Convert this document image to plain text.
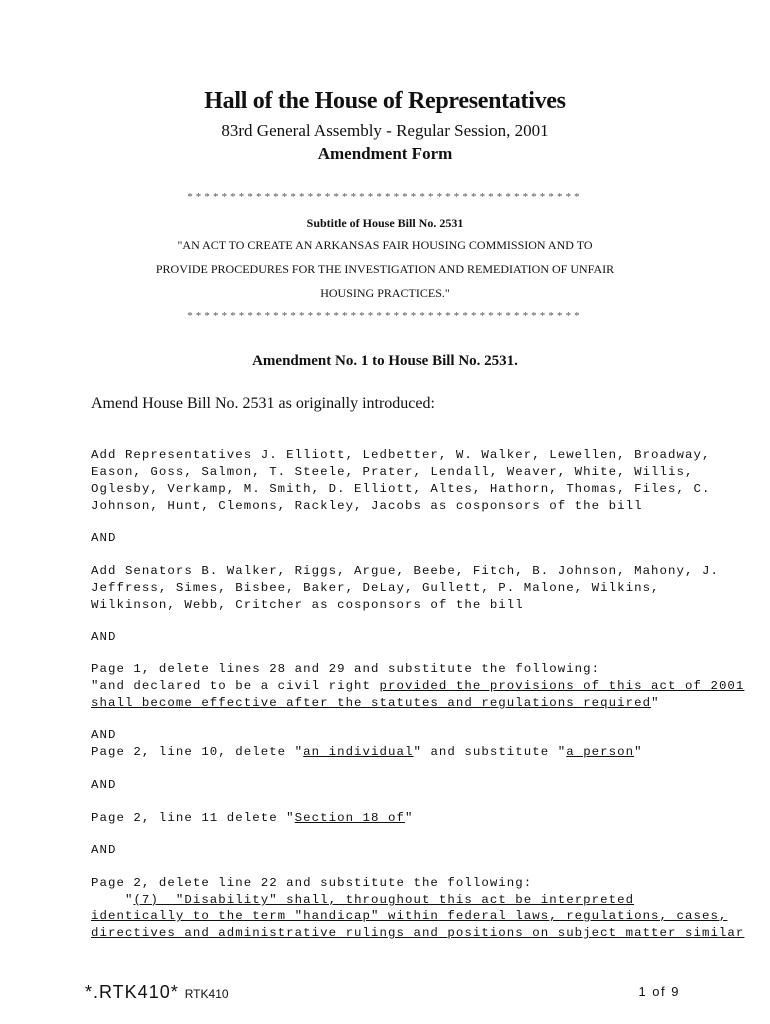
Hall of the House of Representatives
83rd General Assembly - Regular Session, 2001
Amendment Form
**********************************************
Subtitle of House Bill No. 2531
"AN ACT TO CREATE AN ARKANSAS FAIR HOUSING COMMISSION AND TO
PROVIDE PROCEDURES FOR THE INVESTIGATION AND REMEDIATION OF UNFAIR
HOUSING PRACTICES."
**********************************************
Amendment No. 1 to House Bill No. 2531.
Amend House Bill No. 2531 as originally introduced:
Add Representatives J. Elliott, Ledbetter, W. Walker, Lewellen, Broadway,
Eason, Goss, Salmon, T. Steele, Prater, Lendall, Weaver, White, Willis,
Oglesby, Verkamp, M. Smith, D. Elliott, Altes, Hathorn, Thomas, Files, C.
Johnson, Hunt, Clemons, Rackley, Jacobs as cosponsors of the bill
AND
Add Senators B. Walker, Riggs, Argue, Beebe, Fitch, B. Johnson, Mahony, J.
Jeffress, Simes, Bisbee, Baker, DeLay, Gullett, P. Malone, Wilkins,
Wilkinson, Webb, Critcher as cosponsors of the bill
AND
Page 1, delete lines 28 and 29 and substitute the following:
"and declared to be a civil right provided the provisions of this act of 2001
shall become effective after the statutes and regulations required"
AND
Page 2, line 10, delete "an individual" and substitute "a person"
AND
Page 2, line 11 delete "Section 18 of"
AND
Page 2, delete line 22 and substitute the following:
"(7)  "Disability" shall, throughout this act be interpreted
identically to the term "handicap" within federal laws, regulations, cases,
directives and administrative rulings and positions on subject matter similar
*.RTK410* RTK410	1 of 9
